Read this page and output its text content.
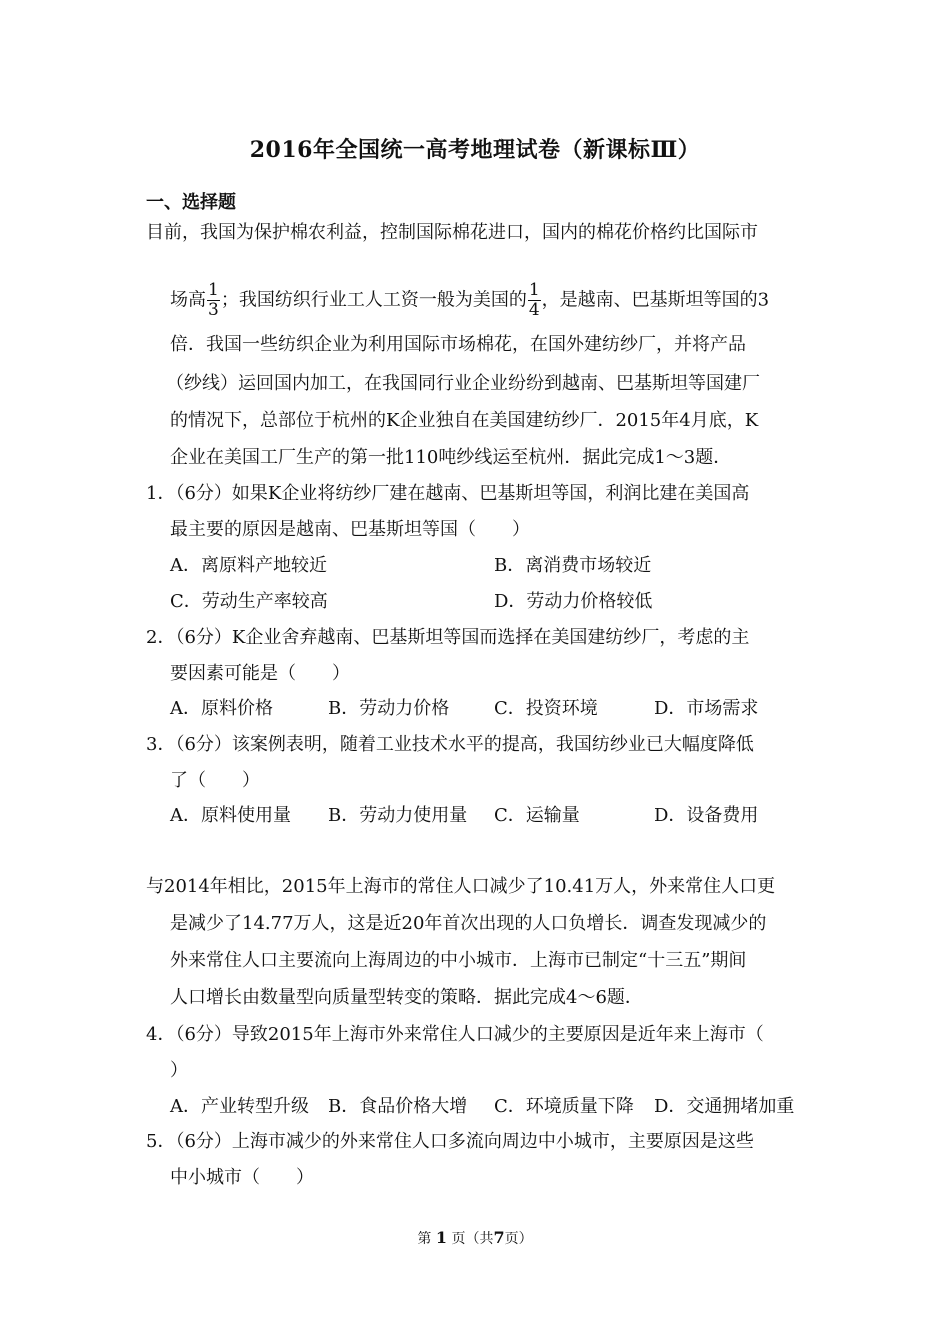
2016年全国统一高考地理试卷（新课标Ⅲ）
一、选择题
目前，我国为保护棉农利益，控制国际棉花进口，国内的棉花价格约比国际市
场高 $\frac{1}{3}$ ；我国纺织行业工人工资一般为美国的 $\frac{1}{4}$ ，是越南、巴基斯坦等国的3
倍．我国一些纺织企业为利用国际市场棉花，在国外建纺纱厂，并将产品
（纱线）运回国内加工，在我国同行业企业纷纷到越南、巴基斯坦等国建厂
的情况下，总部位于杭州的K企业独自在美国建纺纱厂．2015年4月底，K
企业在美国工厂生产的第一批110吨纱线运至杭州．据此完成1～3题．
1．（6分）如果K企业将纺纱厂建在越南、巴基斯坦等国，利润比建在美国高
最主要的原因是越南、巴基斯坦等国（　　）
A．离原料产地较近	B．离消费市场较近
C．劳动生产率较高	D．劳动力价格较低
2．（6分）K企业舍弃越南、巴基斯坦等国而选择在美国建纺纱厂，考虑的主
要因素可能是（　　）
A．原料价格	B．劳动力价格 C．投资环境	D．市场需求
3．（6分）该案例表明，随着工业技术水平的提高，我国纺纱业已大幅度降低
了（　　）
A．原料使用量 B．劳动力使用量 C．运输量	D．设备费用
与2014年相比，2015年上海市的常住人口减少了10.41万人，外来常住人口更
是减少了14.77万人，这是近20年首次出现的人口负增长．调查发现减少的
外来常住人口主要流向上海周边的中小城市．上海市已制定“十三五”期间
人口增长由数量型向质量型转变的策略．据此完成4～6题．
4．（6分）导致2015年上海市外来常住人口减少的主要原因是近年来上海市（
）
A．产业转型升级 B．食品价格大增 C．环境质量下降 D．交通拥堵加重
5．（6分）上海市减少的外来常住人口多流向周边中小城市，主要原因是这些
中小城市（　　）
第 1 页（共7页）
